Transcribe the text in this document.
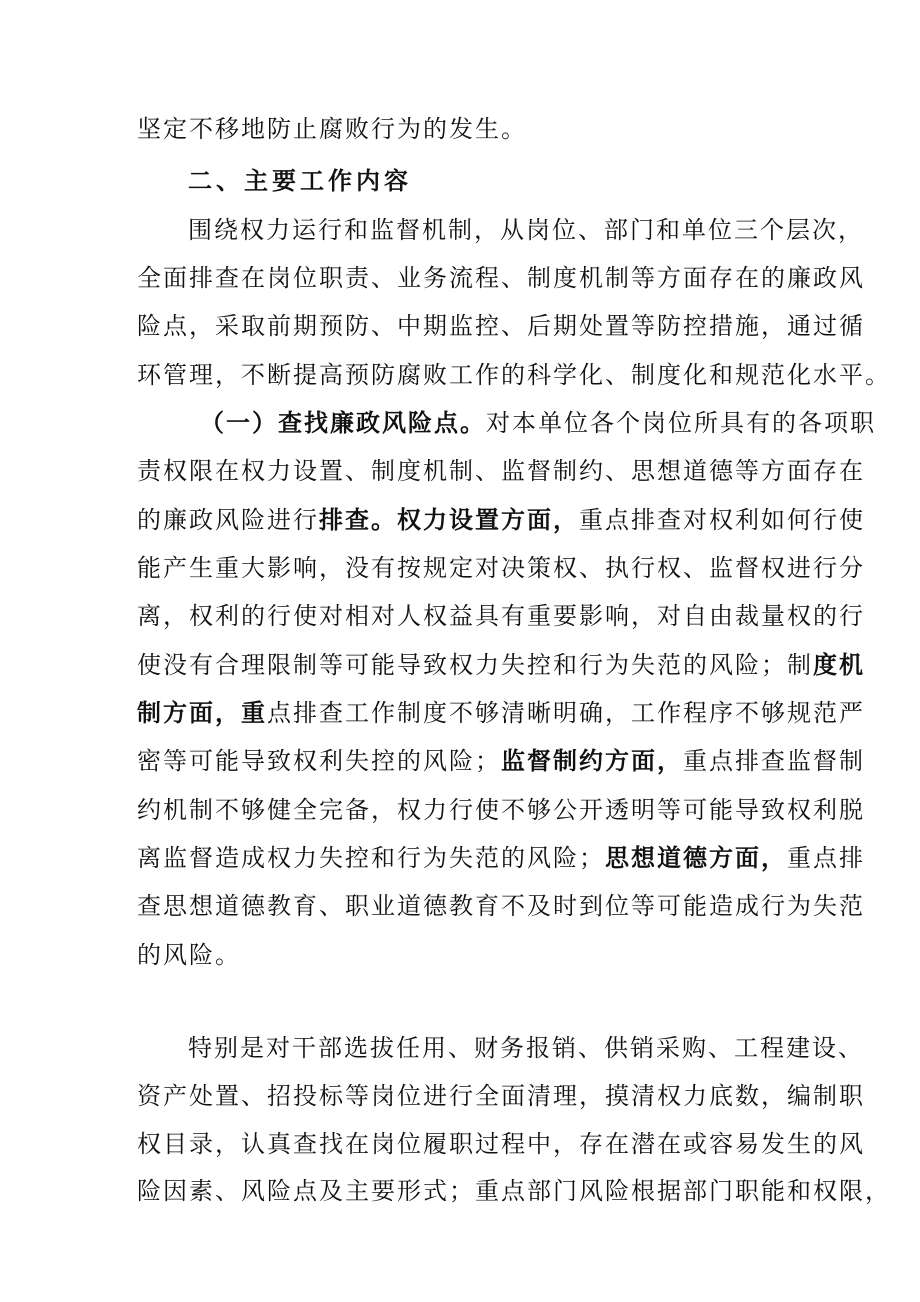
坚定不移地防止腐败行为的发生。
二、主要工作内容
围绕权力运行和监督机制，从岗位、部门和单位三个层次，
全面排查在岗位职责、业务流程、制度机制等方面存在的廉政风
险点，采取前期预防、中期监控、后期处置等防控措施，通过循
环管理，不断提高预防腐败工作的科学化、制度化和规范化水平。
（一）查找廉政风险点。对本单位各个岗位所具有的各项职
责权限在权力设置、制度机制、监督制约、思想道德等方面存在
的廉政风险进行排查。权力设置方面，重点排查对权利如何行使
能产生重大影响，没有按规定对决策权、执行权、监督权进行分
离，权利的行使对相对人权益具有重要影响，对自由裁量权的行
使没有合理限制等可能导致权力失控和行为失范的风险；制度机
制方面，重点排查工作制度不够清晰明确，工作程序不够规范严
密等可能导致权利失控的风险；监督制约方面，重点排查监督制
约机制不够健全完备，权力行使不够公开透明等可能导致权利脱
离监督造成权力失控和行为失范的风险；思想道德方面，重点排
查思想道德教育、职业道德教育不及时到位等可能造成行为失范
的风险。
特别是对干部选拔任用、财务报销、供销采购、工程建设、
资产处置、招投标等岗位进行全面清理，摸清权力底数，编制职
权目录，认真查找在岗位履职过程中，存在潜在或容易发生的风
险因素、风险点及主要形式；重点部门风险根据部门职能和权限，
